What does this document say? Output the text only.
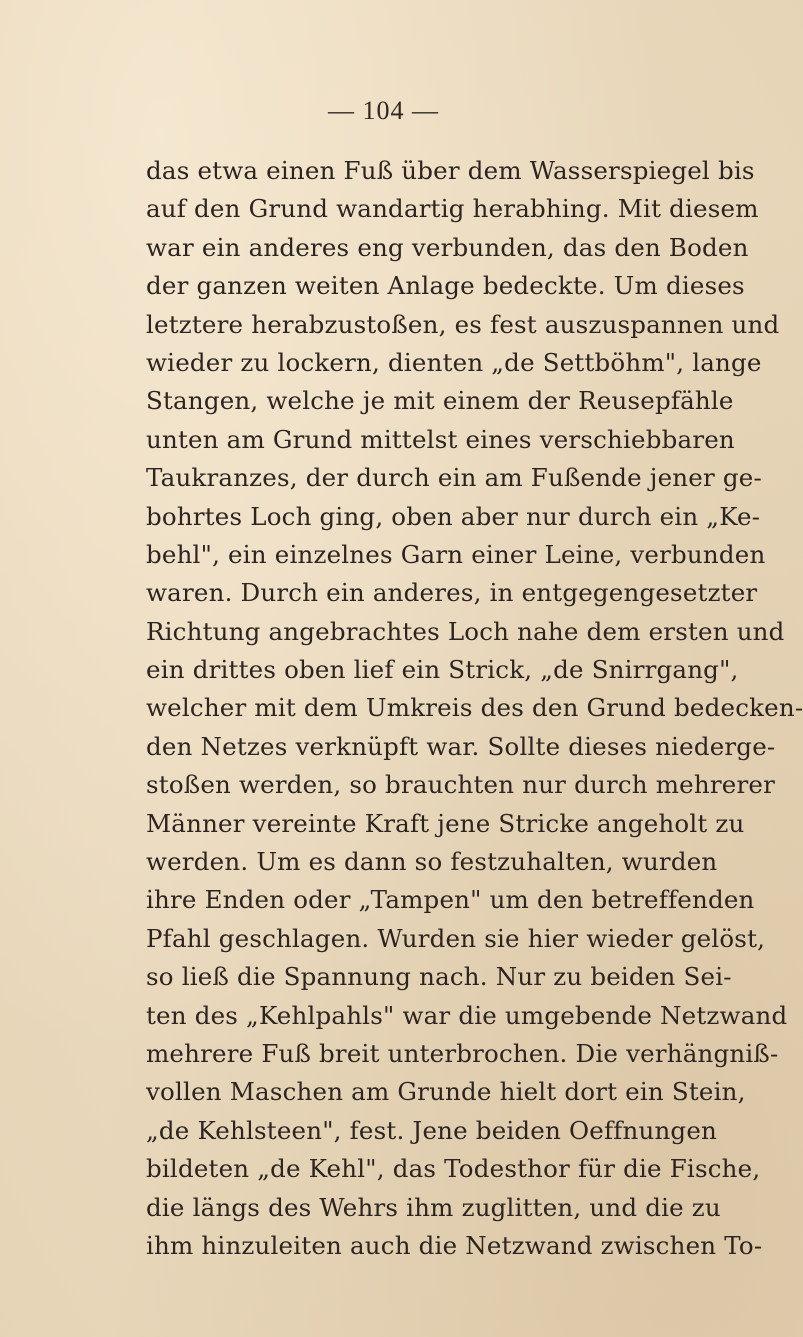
— 104 —
das etwa einen Fuß über dem Wasserspiegel bis
auf den Grund wandartig herabhing. Mit diesem
war ein anderes eng verbunden, das den Boden
der ganzen weiten Anlage bedeckte. Um dieses
letztere herabzustoßen, es fest auszuspannen und
wieder zu lockern, dienten „de Settböhm", lange
Stangen, welche je mit einem der Reusepfähle
unten am Grund mittelst eines verschiebbaren
Taukranzes, der durch ein am Fußende jener ge-
bohrtes Loch ging, oben aber nur durch ein „Ke-
behl", ein einzelnes Garn einer Leine, verbunden
waren. Durch ein anderes, in entgegengesetzter
Richtung angebrachtes Loch nahe dem ersten und
ein drittes oben lief ein Strick, „de Snirrgang",
welcher mit dem Umkreis des den Grund bedecken-
den Netzes verknüpft war. Sollte dieses niederge-
stoßen werden, so brauchten nur durch mehrerer
Männer vereinte Kraft jene Stricke angeholt zu
werden. Um es dann so festzuhalten, wurden
ihre Enden oder „Tampen" um den betreffenden
Pfahl geschlagen. Wurden sie hier wieder gelöst,
so ließ die Spannung nach. Nur zu beiden Sei-
ten des „Kehlpahls" war die umgebende Netzwand
mehrere Fuß breit unterbrochen. Die verhängniß-
vollen Maschen am Grunde hielt dort ein Stein,
„de Kehlsteen", fest. Jene beiden Oeffnungen
bildeten „de Kehl", das Todesthor für die Fische,
die längs des Wehrs ihm zuglitten, und die zu
ihm hinzuleiten auch die Netzwand zwischen To-
